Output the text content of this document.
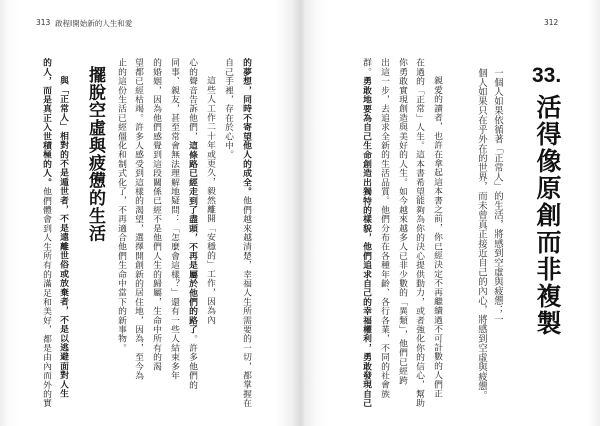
313 啟程Ⅰ開始新的人生和愛
的夢想，同時不寄望他人的成全。他們越來越清楚，幸福人生所需要的一切，都掌握在
自己手裡，存在於心中。
這些人工作二十年或更久，毅然離開「安穩的」工作，因為內
心的聲音告訴他們，這條路已經走到了盡頭，不再是屬於他們的路了。許多他們的
同事、親友，甚至常會無法理解地疑問：「怎麼會這樣？」還有一些人結束多年
的婚姻，因為他們感覺到這段關係已經不是他們人生的歸屬，生命中所有的渴
望都已經枯竭。許多人感受到這樣的渴望，選擇開創新的居住地，因為，至今為
止的這份生活已經僵化和制式化了，不再適合他們生命中當下的新事物。
擺脫空虛與疲憊的生活
與「正常人」相對的不是遁世者，不是遠離世俗或放棄者，不是以逃避面對人生
的人，而是真正入世積極的人。他們體會到人生所有的滿足和美好，都是由內而外的實
312
33.
活得像原創而非複製
一個人如果依循著「正常人」的生活，將感到空虛與疲憊；一
個人如果只在乎外在的世界，而未曾真正接近自己的內心，將感到空虛與疲憊。
親愛的讀者，也許在拿起這本書之前，你已經決定不再繼續過不可計數的人們正
在過的「正常」人生。這本書希望能夠為你的決心提供動力，或者強化你的信心，幫助
你勇敢實現創造與美好的人生。如今越來越多人已非少數的「異類」，他們已經跨
出這一步，去追求全新的生活品質。他們分布在各種年齡、各行各業，不同的社會族
群。勇敢地要為自己生命創造出獨特的樣貌，他們追求自己的幸福權利，勇敢發現自己
